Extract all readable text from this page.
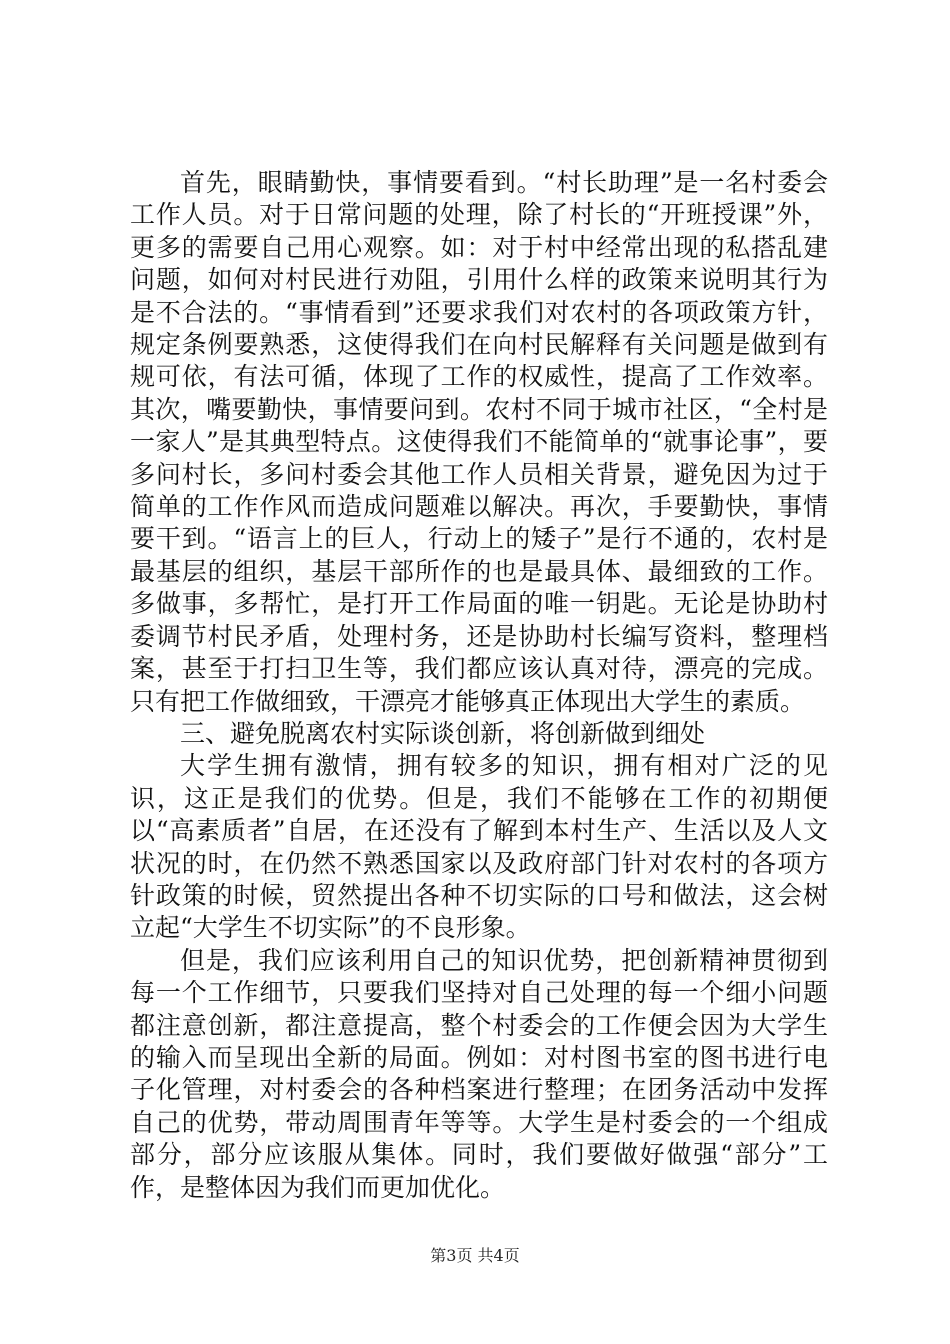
首先，眼睛勤快，事情要看到。“村长助理”是一名村委会工作人员。对于日常问题的处理，除了村长的“开班授课”外，更多的需要自己用心观察。如：对于村中经常出现的私搭乱建问题，如何对村民进行劝阻，引用什么样的政策来说明其行为是不合法的。“事情看到”还要求我们对农村的各项政策方针，规定条例要熟悉，这使得我们在向村民解释有关问题是做到有规可依，有法可循，体现了工作的权威性，提高了工作效率。其次，嘴要勤快，事情要问到。农村不同于城市社区，“全村是一家人”是其典型特点。这使得我们不能简单的“就事论事”，要多问村长，多问村委会其他工作人员相关背景，避免因为过于简单的工作作风而造成问题难以解决。再次，手要勤快，事情要干到。“语言上的巨人，行动上的矮子”是行不通的，农村是最基层的组织，基层干部所作的也是最具体、最细致的工作。多做事，多帮忙，是打开工作局面的唯一钥匙。无论是协助村委调节村民矛盾，处理村务，还是协助村长编写资料，整理档案，甚至于打扫卫生等，我们都应该认真对待，漂亮的完成。只有把工作做细致，干漂亮才能够真正体现出大学生的素质。

三、避免脱离农村实际谈创新，将创新做到细处

大学生拥有激情，拥有较多的知识，拥有相对广泛的见识，这正是我们的优势。但是，我们不能够在工作的初期便以“高素质者”自居，在还没有了解到本村生产、生活以及人文状况的时，在仍然不熟悉国家以及政府部门针对农村的各项方针政策的时候，贸然提出各种不切实际的口号和做法，这会树立起“大学生不切实际”的不良形象。

但是，我们应该利用自己的知识优势，把创新精神贯彻到每一个工作细节，只要我们坚持对自己处理的每一个细小问题都注意创新，都注意提高，整个村委会的工作便会因为大学生的输入而呈现出全新的局面。例如：对村图书室的图书进行电子化管理，对村委会的各种档案进行整理；在团务活动中发挥自己的优势，带动周围青年等等。大学生是村委会的一个组成部分，部分应该服从集体。同时，我们要做好做强“部分”工作，是整体因为我们而更加优化。

第3页 共4页
